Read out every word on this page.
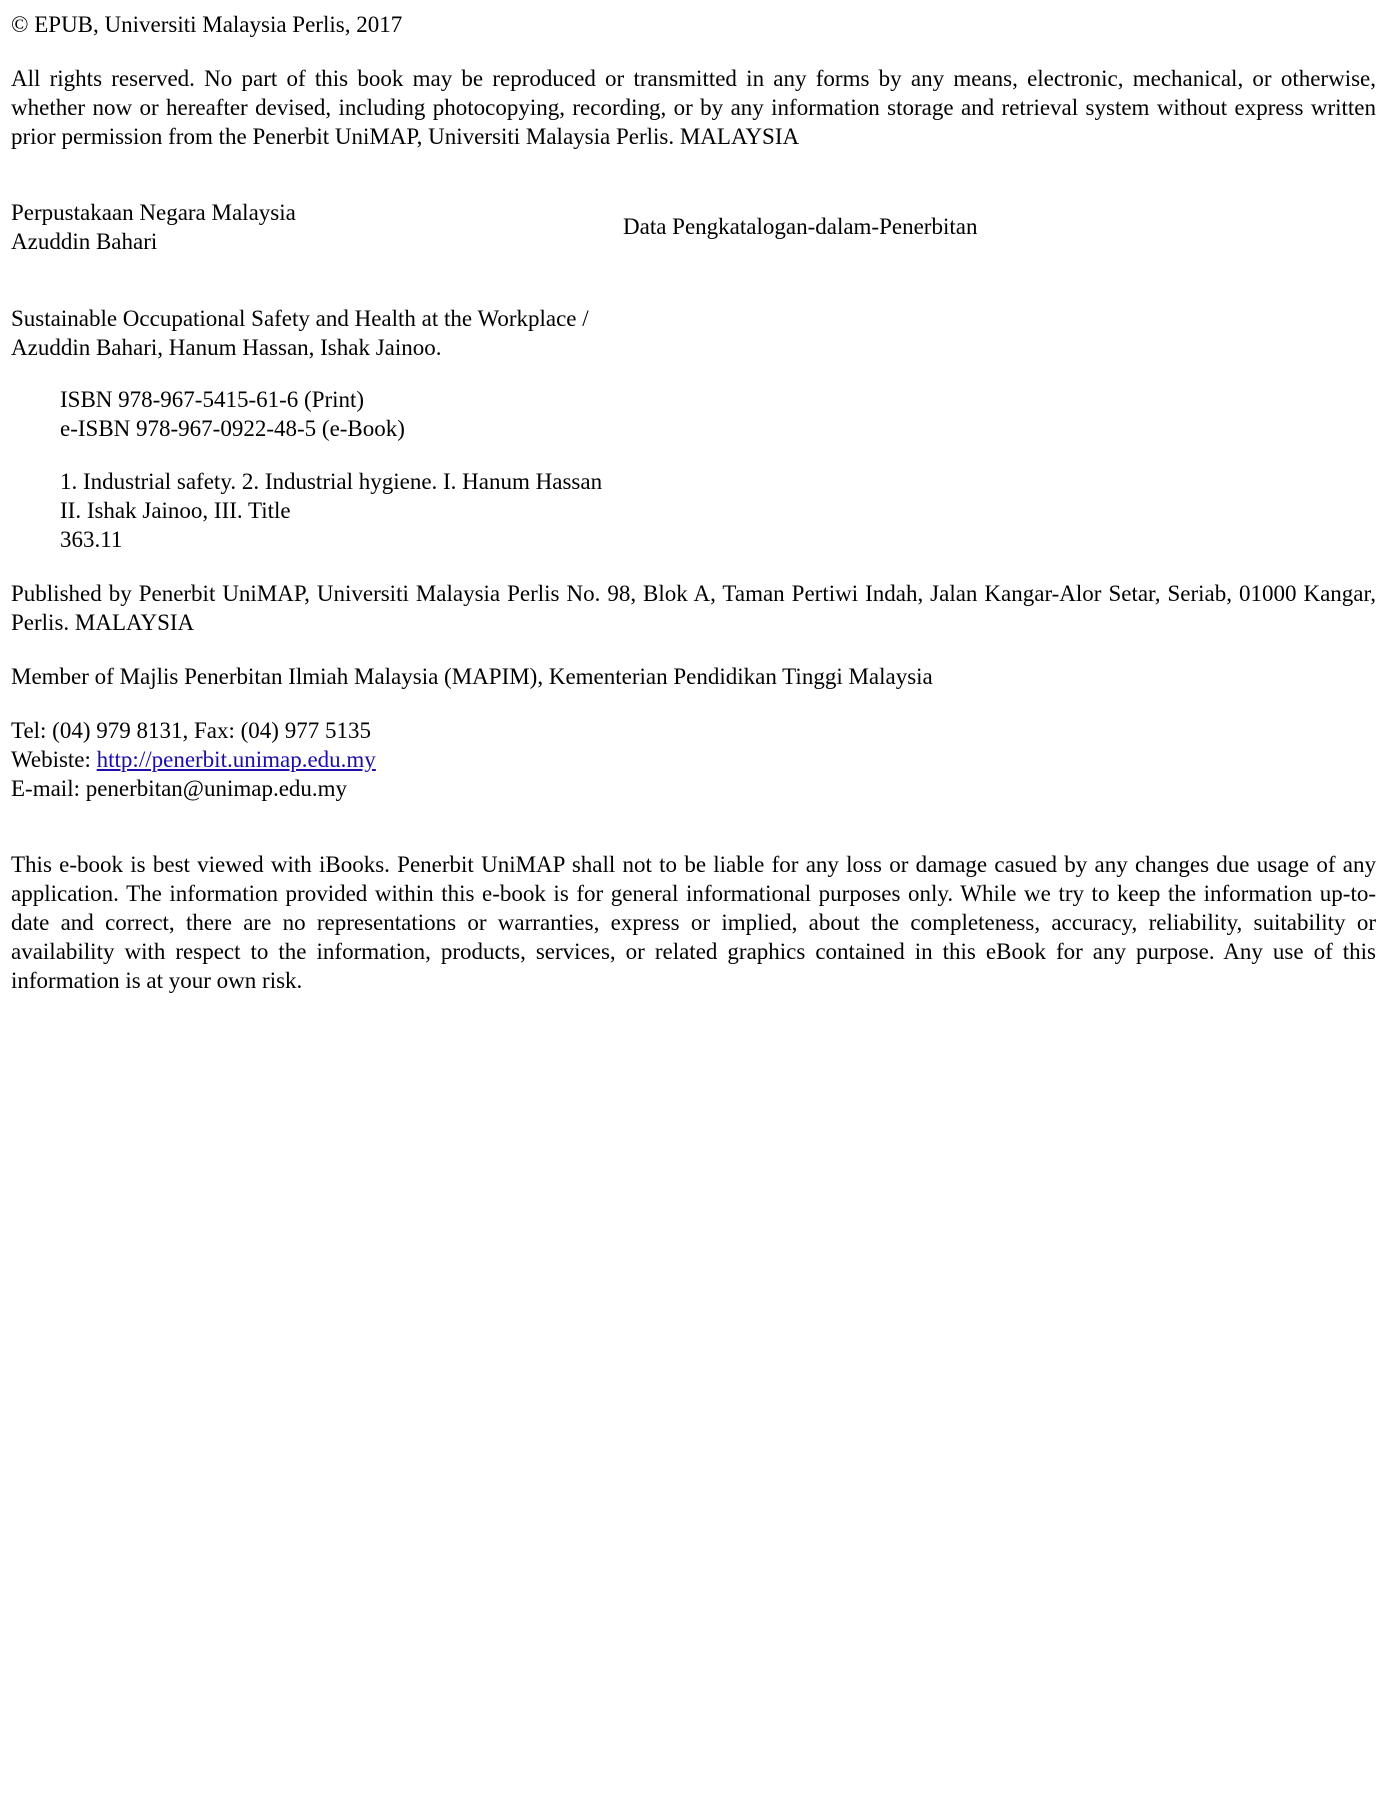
© EPUB, Universiti Malaysia Perlis, 2017

All rights reserved. No part of this book may be reproduced or transmitted in any forms by any means, electronic, mechanical, or otherwise, whether now or hereafter devised, including photocopying, recording, or by any information storage and retrieval system without express written prior permission from the Penerbit UniMAP, Universiti Malaysia Perlis. MALAYSIA

Perpustakaan Negara Malaysia

Azuddin Bahari

Data Pengkatalogan-dalam-Penerbitan

Sustainable Occupational Safety and Health at the Workplace /

Azuddin Bahari, Hanum Hassan, Ishak Jainoo.

ISBN 978-967-5415-61-6 (Print)

e-ISBN 978-967-0922-48-5 (e-Book)

1. Industrial safety. 2. Industrial hygiene. I. Hanum Hassan

II. Ishak Jainoo, III. Title

363.11

Published by Penerbit UniMAP, Universiti Malaysia Perlis No. 98, Blok A, Taman Pertiwi Indah, Jalan Kangar-Alor Setar, Seriab, 01000 Kangar, Perlis. MALAYSIA

Member of Majlis Penerbitan Ilmiah Malaysia (MAPIM), Kementerian Pendidikan Tinggi Malaysia

Tel: (04) 979 8131, Fax: (04) 977 5135

Webiste: http://penerbit.unimap.edu.my

E-mail: penerbitan@unimap.edu.my

This e-book is best viewed with iBooks. Penerbit UniMAP shall not to be liable for any loss or damage casued by any changes due usage of any application. The information provided within this e-book is for general informational purposes only. While we try to keep the information up-to-date and correct, there are no representations or warranties, express or implied, about the completeness, accuracy, reliability, suitability or availability with respect to the information, products, services, or related graphics contained in this eBook for any purpose. Any use of this information is at your own risk.
